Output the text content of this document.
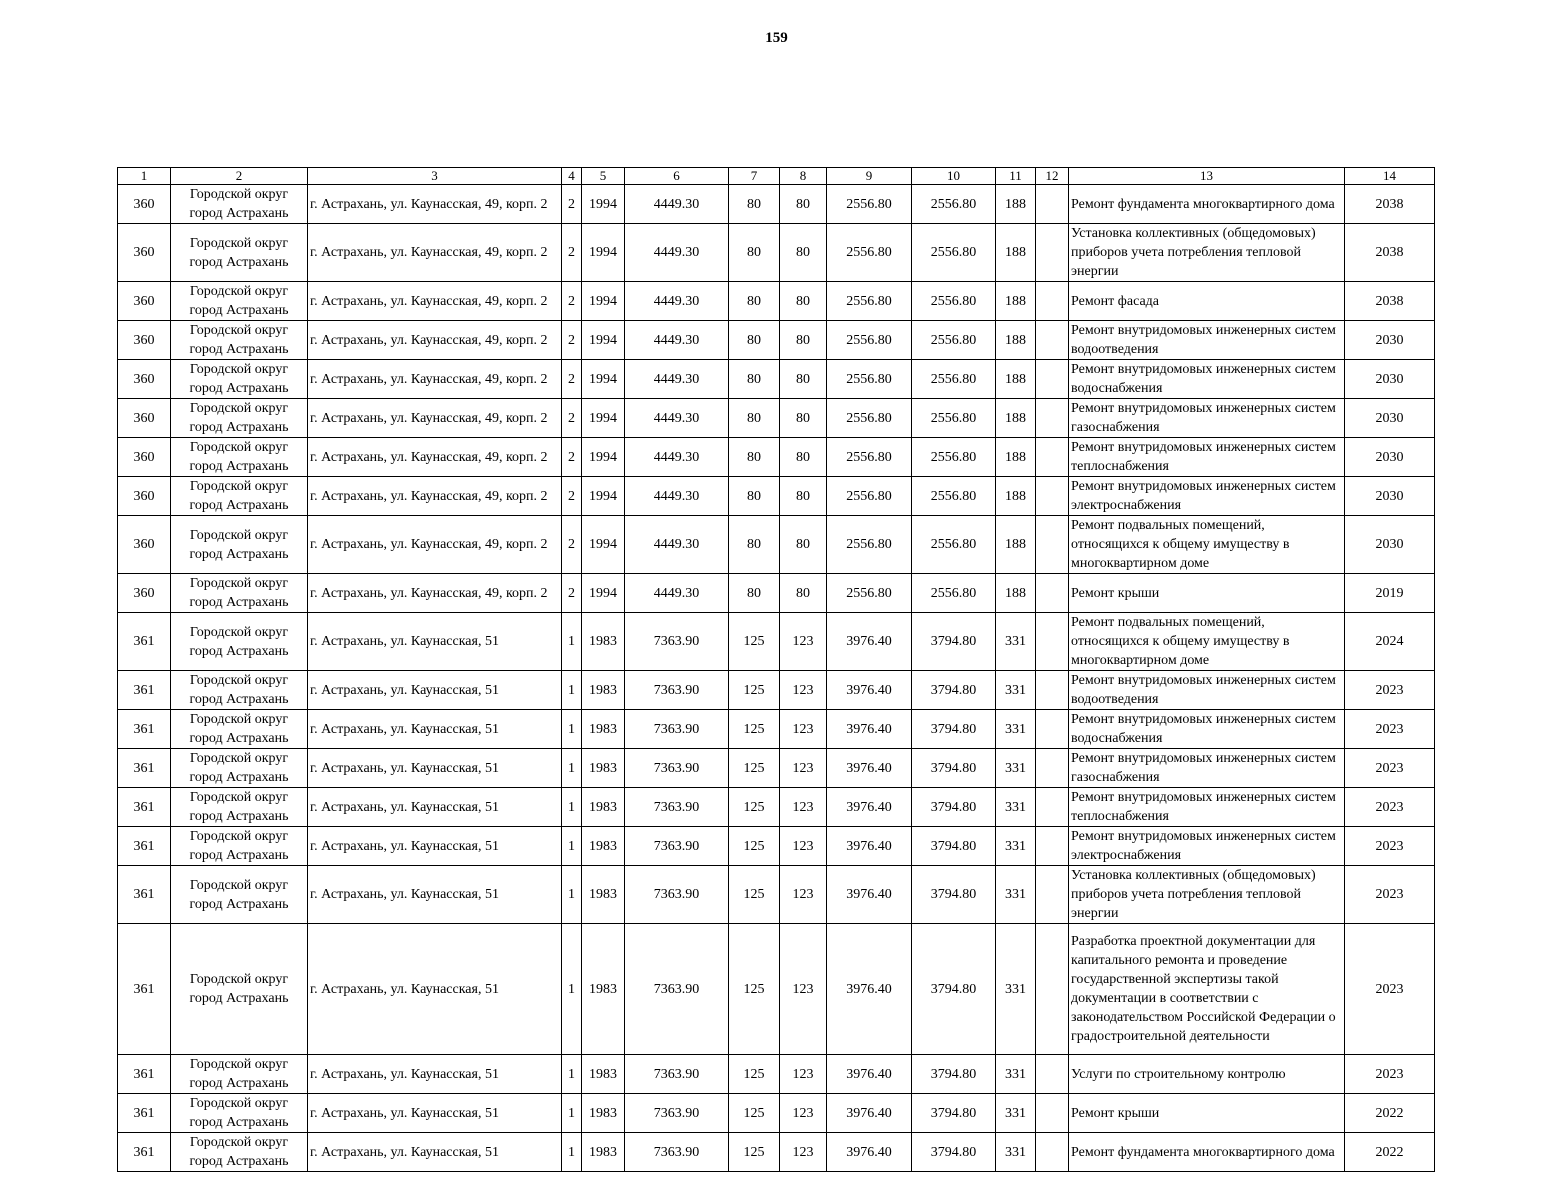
159
1	2	3	4	5	6	7	8	9	10	11	12	13	14
360	Городской округ город Астрахань	г. Астрахань, ул. Каунасская, 49, корп. 2	2	1994	4449.30	80	80	2556.80	2556.80	188		Ремонт фундамента многоквартирного дома	2038
360	Городской округ город Астрахань	г. Астрахань, ул. Каунасская, 49, корп. 2	2	1994	4449.30	80	80	2556.80	2556.80	188		Установка коллективных (общедомовых) приборов учета потребления тепловой энергии	2038
360	Городской округ город Астрахань	г. Астрахань, ул. Каунасская, 49, корп. 2	2	1994	4449.30	80	80	2556.80	2556.80	188		Ремонт фасада	2038
360	Городской округ город Астрахань	г. Астрахань, ул. Каунасская, 49, корп. 2	2	1994	4449.30	80	80	2556.80	2556.80	188		Ремонт внутридомовых инженерных систем водоотведения	2030
360	Городской округ город Астрахань	г. Астрахань, ул. Каунасская, 49, корп. 2	2	1994	4449.30	80	80	2556.80	2556.80	188		Ремонт внутридомовых инженерных систем водоснабжения	2030
360	Городской округ город Астрахань	г. Астрахань, ул. Каунасская, 49, корп. 2	2	1994	4449.30	80	80	2556.80	2556.80	188		Ремонт внутридомовых инженерных систем газоснабжения	2030
360	Городской округ город Астрахань	г. Астрахань, ул. Каунасская, 49, корп. 2	2	1994	4449.30	80	80	2556.80	2556.80	188		Ремонт внутридомовых инженерных систем теплоснабжения	2030
360	Городской округ город Астрахань	г. Астрахань, ул. Каунасская, 49, корп. 2	2	1994	4449.30	80	80	2556.80	2556.80	188		Ремонт внутридомовых инженерных систем электроснабжения	2030
360	Городской округ город Астрахань	г. Астрахань, ул. Каунасская, 49, корп. 2	2	1994	4449.30	80	80	2556.80	2556.80	188		Ремонт подвальных помещений, относящихся к общему имуществу в многоквартирном доме	2030
360	Городской округ город Астрахань	г. Астрахань, ул. Каунасская, 49, корп. 2	2	1994	4449.30	80	80	2556.80	2556.80	188		Ремонт крыши	2019
361	Городской округ город Астрахань	г. Астрахань, ул. Каунасская, 51	1	1983	7363.90	125	123	3976.40	3794.80	331		Ремонт подвальных помещений, относящихся к общему имуществу в многоквартирном доме	2024
361	Городской округ город Астрахань	г. Астрахань, ул. Каунасская, 51	1	1983	7363.90	125	123	3976.40	3794.80	331		Ремонт внутридомовых инженерных систем водоотведения	2023
361	Городской округ город Астрахань	г. Астрахань, ул. Каунасская, 51	1	1983	7363.90	125	123	3976.40	3794.80	331		Ремонт внутридомовых инженерных систем водоснабжения	2023
361	Городской округ город Астрахань	г. Астрахань, ул. Каунасская, 51	1	1983	7363.90	125	123	3976.40	3794.80	331		Ремонт внутридомовых инженерных систем газоснабжения	2023
361	Городской округ город Астрахань	г. Астрахань, ул. Каунасская, 51	1	1983	7363.90	125	123	3976.40	3794.80	331		Ремонт внутридомовых инженерных систем теплоснабжения	2023
361	Городской округ город Астрахань	г. Астрахань, ул. Каунасская, 51	1	1983	7363.90	125	123	3976.40	3794.80	331		Ремонт внутридомовых инженерных систем электроснабжения	2023
361	Городской округ город Астрахань	г. Астрахань, ул. Каунасская, 51	1	1983	7363.90	125	123	3976.40	3794.80	331		Установка коллективных (общедомовых) приборов учета потребления тепловой энергии	2023
361	Городской округ город Астрахань	г. Астрахань, ул. Каунасская, 51	1	1983	7363.90	125	123	3976.40	3794.80	331		Разработка проектной документации для капитального ремонта и проведение государственной экспертизы такой документации в соответствии с законодательством Российской Федерации о градостроительной деятельности	2023
361	Городской округ город Астрахань	г. Астрахань, ул. Каунасская, 51	1	1983	7363.90	125	123	3976.40	3794.80	331		Услуги по строительному контролю	2023
361	Городской округ город Астрахань	г. Астрахань, ул. Каунасская, 51	1	1983	7363.90	125	123	3976.40	3794.80	331		Ремонт крыши	2022
361	Городской округ город Астрахань	г. Астрахань, ул. Каунасская, 51	1	1983	7363.90	125	123	3976.40	3794.80	331		Ремонт фундамента многоквартирного дома	2022
